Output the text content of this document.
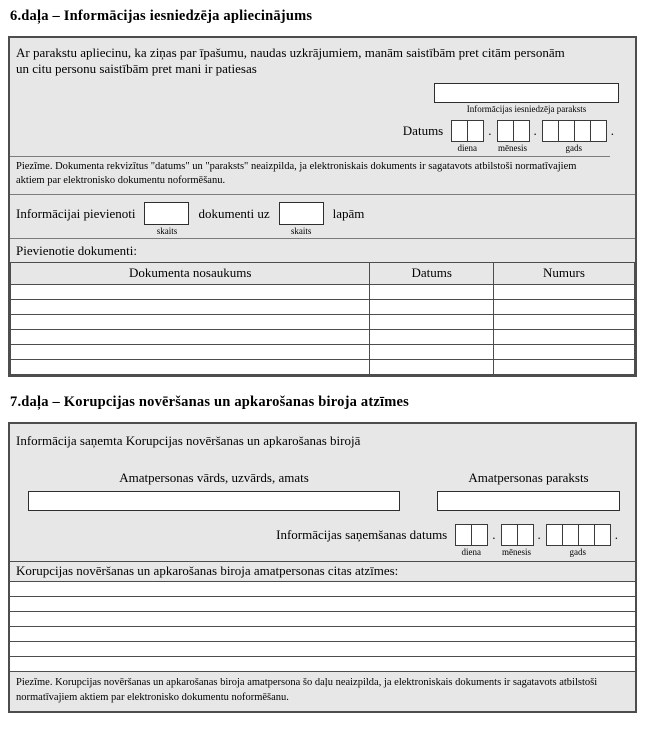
6.daļa – Informācijas iesniedzēja apliecinājums
Ar parakstu apliecinu, ka ziņas par īpašumu, naudas uzkrājumiem, manām saistībām pret citām personām un citu personu saistībām pret mani ir patiesas
Informācijas iesniedzēja paraksts
Datums
diena
.
mēnesis
.
gads
.
Piezīme. Dokumenta rekvizītus "datums" un "paraksts" neaizpilda, ja elektroniskais dokuments ir sagatavots atbilstoši normatīvajiem aktiem par elektronisko dokumentu noformēšanu.
Informācijai pievienoti
skaits
dokumenti uz
skaits
lapām
Pievienotie dokumenti:
Dokumenta nosaukums	Datums	Numurs

7.daļa – Korupcijas novēršanas un apkarošanas biroja atzīmes
Informācija saņemta Korupcijas novēršanas un apkarošanas birojā
Amatpersonas vārds, uzvārds, amats	Amatpersonas paraksts
Informācijas saņemšanas datums
diena
.
mēnesis
.
gads
.
Korupcijas novēršanas un apkarošanas biroja amatpersonas citas atzīmes:
Piezīme. Korupcijas novēršanas un apkarošanas biroja amatpersona šo daļu neaizpilda, ja elektroniskais dokuments ir sagatavots atbilstoši normatīvajiem aktiem par elektronisko dokumentu noformēšanu.
